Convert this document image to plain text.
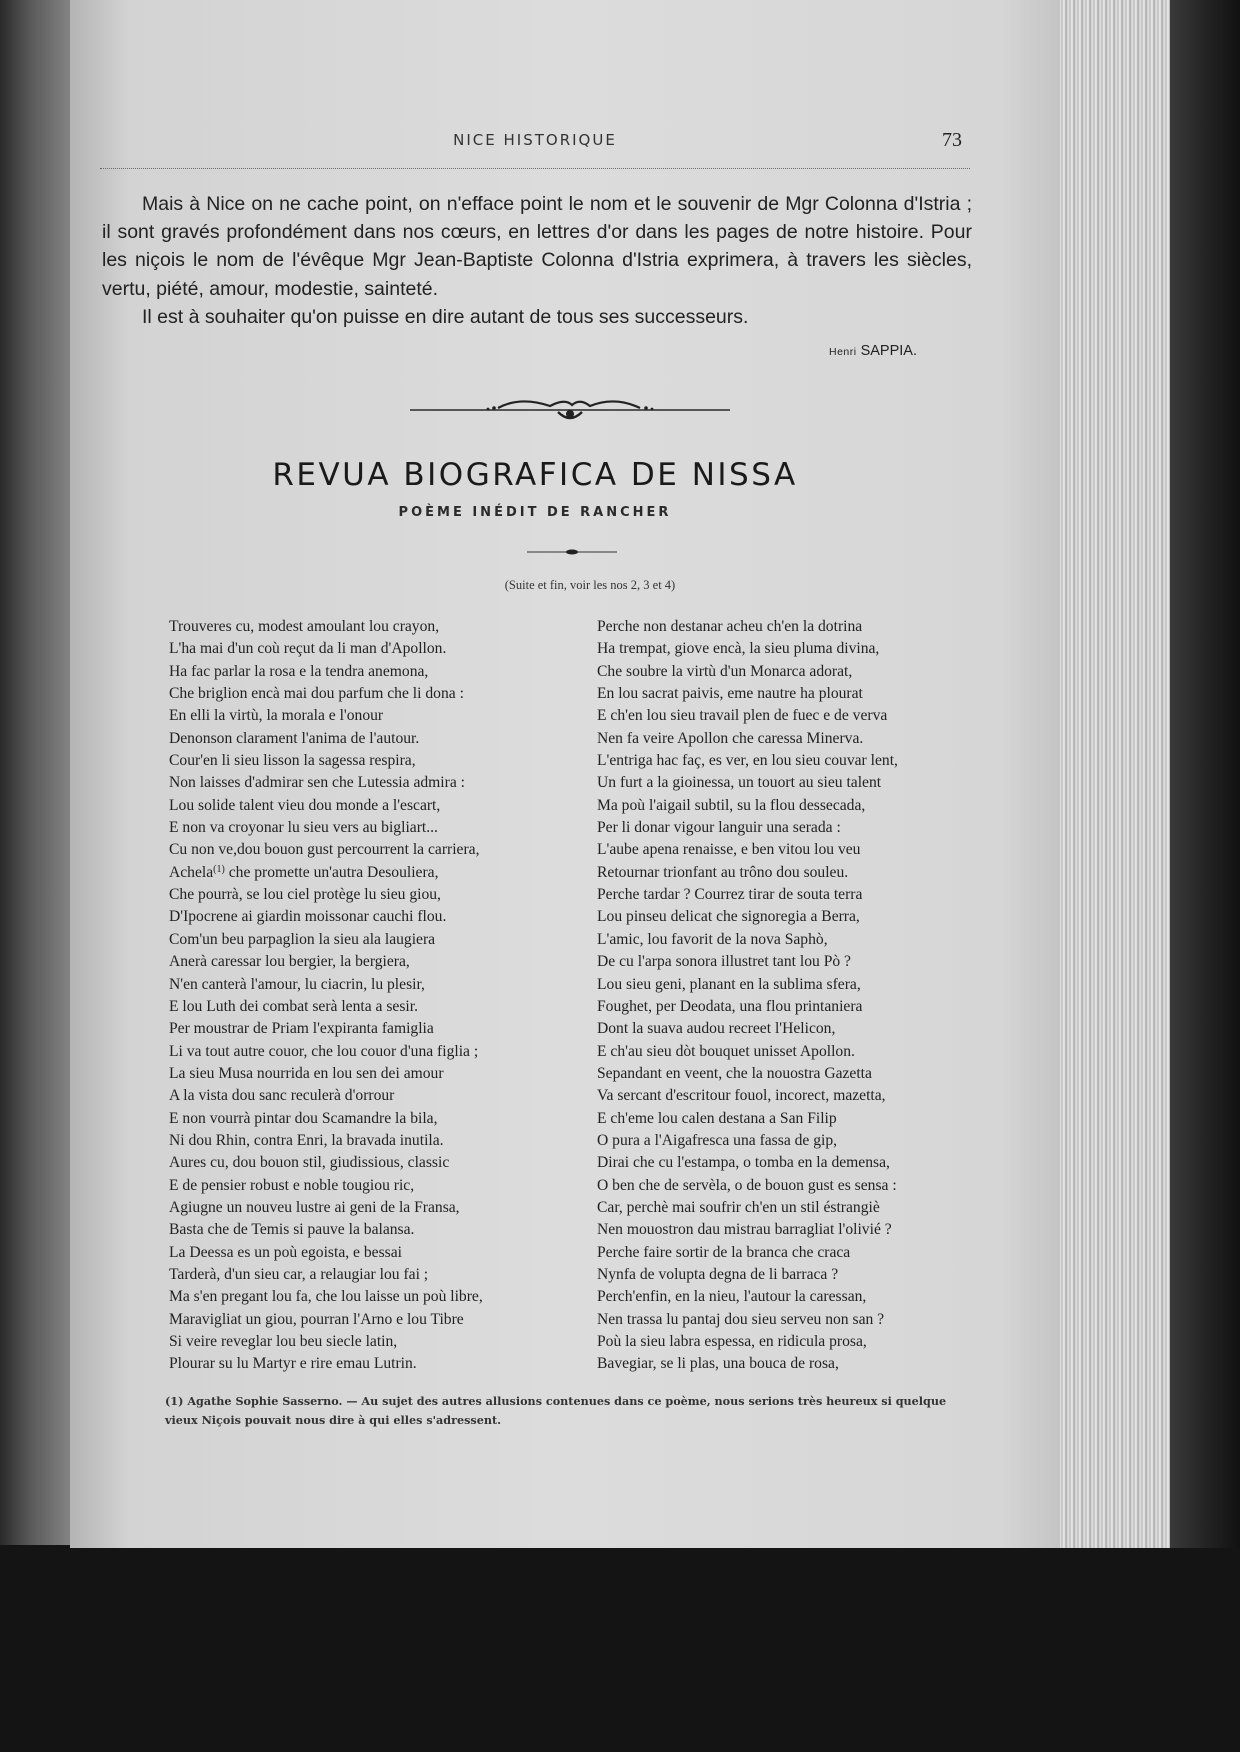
NICE HISTORIQUE	73

Mais à Nice on ne cache point, on n'efface point le nom et le souvenir de Mgr Colonna d'Istria ; il sont gravés profondément dans nos cœurs, en lettres d'or dans les pages de notre histoire. Pour les niçois le nom de l'évêque Mgr Jean-Baptiste Colonna d'Istria exprimera, à travers les siècles, vertu, piété, amour, modestie, sainteté.

Il est à souhaiter qu'on puisse en dire autant de tous ses successeurs.

Henri SAPPIA.
REVUA BIOGRAFICA DE NISSA
POÈME INÉDIT DE RANCHER
(Suite et fin, voir les nos 2, 3 et 4)
Trouveres cu, modest amoulant lou crayon,
L'ha mai d'un coù reçut da li man d'Apollon.
Ha fac parlar la rosa e la tendra anemona,
Che briglion encà mai dou parfum che li dona :
En elli la virtù, la morala e l'onour
Denonson clarament l'anima de l'autour.
Cour'en li sieu lisson la sagessa respira,
Non laisses d'admirar sen che Lutessia admira :
Lou solide talent vieu dou monde a l'escart,
E non va croyonar lu sieu vers au bigliart...
Cu non ve,dou bouon gust percourrent la carriera,
Achela$^{(1)}$ che promette un'autra Desouliera,
Che pourrà, se lou ciel protège lu sieu giou,
D'Ipocrene ai giardin moissonar cauchi flou.
Com'un beu parpaglion la sieu ala laugiera
Anerà caressar lou bergier, la bergiera,
N'en canterà l'amour, lu ciacrin, lu plesir,
E lou Luth dei combat serà lenta a sesir.
Per moustrar de Priam l'expiranta famiglia
Li va tout autre couor, che lou couor d'una figlia ;
La sieu Musa nourrida en lou sen dei amour
A la vista dou sanc reculerà d'orrour
E non vourrà pintar dou Scamandre la bila,
Ni dou Rhin, contra Enri, la bravada inutila.
Aures cu, dou bouon stil, giudissious, classic
E de pensier robust e noble tougiou ric,
Agiugne un nouveu lustre ai geni de la Fransa,
Basta che de Temis si pauve la balansa.
La Deessa es un poù egoista, e bessai
Tarderà, d'un sieu car, a relaugiar lou fai ;
Ma s'en pregant lou fa, che lou laisse un poù libre,
Maravigliat un giou, pourran l'Arno e lou Tibre
Si veire reveglar lou beu siecle latin,
Plourar su lu Martyr e rire emau Lutrin.
Perche non destanar acheu ch'en la dotrina
Ha trempat, giove encà, la sieu pluma divina,
Che soubre la virtù d'un Monarca adorat,
En lou sacrat paivis, eme nautre ha plourat
E ch'en lou sieu travail plen de fuec e de verva
Nen fa veire Apollon che caressa Minerva.
L'entriga hac faç, es ver, en lou sieu couvar lent,
Un furt a la gioinessa, un touort au sieu talent
Ma poù l'aigail subtil, su la flou dessecada,
Per li donar vigour languir una serada :
L'aube apena renaisse, e ben vitou lou veu
Retournar trionfant au trôno dou souleu.
Perche tardar ? Courrez tirar de souta terra
Lou pinseu delicat che signoregia a Berra,
L'amic, lou favorit de la nova Saphò,
De cu l'arpa sonora illustret tant lou Pò ?
Lou sieu geni, planant en la sublima sfera,
Foughet, per Deodata, una flou printaniera
Dont la suava audou recreet l'Helicon,
E ch'au sieu dòt bouquet unisset Apollon.
Sepandant en veent, che la nouostra Gazetta
Va sercant d'escritour fouol, incorect, mazetta,
E ch'eme lou calen destana a San Filip
O pura a l'Aigafresca una fassa de gip,
Dirai che cu l'estampa, o tomba en la demensa,
O ben che de servèla, o de bouon gust es sensa :
Car, perchè mai soufrir ch'en un stil éstrangiè
Nen mouostron dau mistrau barragliat l'olivié ?
Perche faire sortir de la branca che craca
Nynfa de volupta degna de li barraca ?
Perch'enfin, en la nieu, l'autour la caressan,
Nen trassa lu pantaj dou sieu serveu non san ?
Poù la sieu labra espessa, en ridicula prosa,
Bavegiar, se li plas, una bouca de rosa,
(1) Agathe Sophie Sasserno. — Au sujet des autres allusions contenues dans ce poème, nous serions très heureux si quelque vieux Niçois pouvait nous dire à qui elles s'adressent.
